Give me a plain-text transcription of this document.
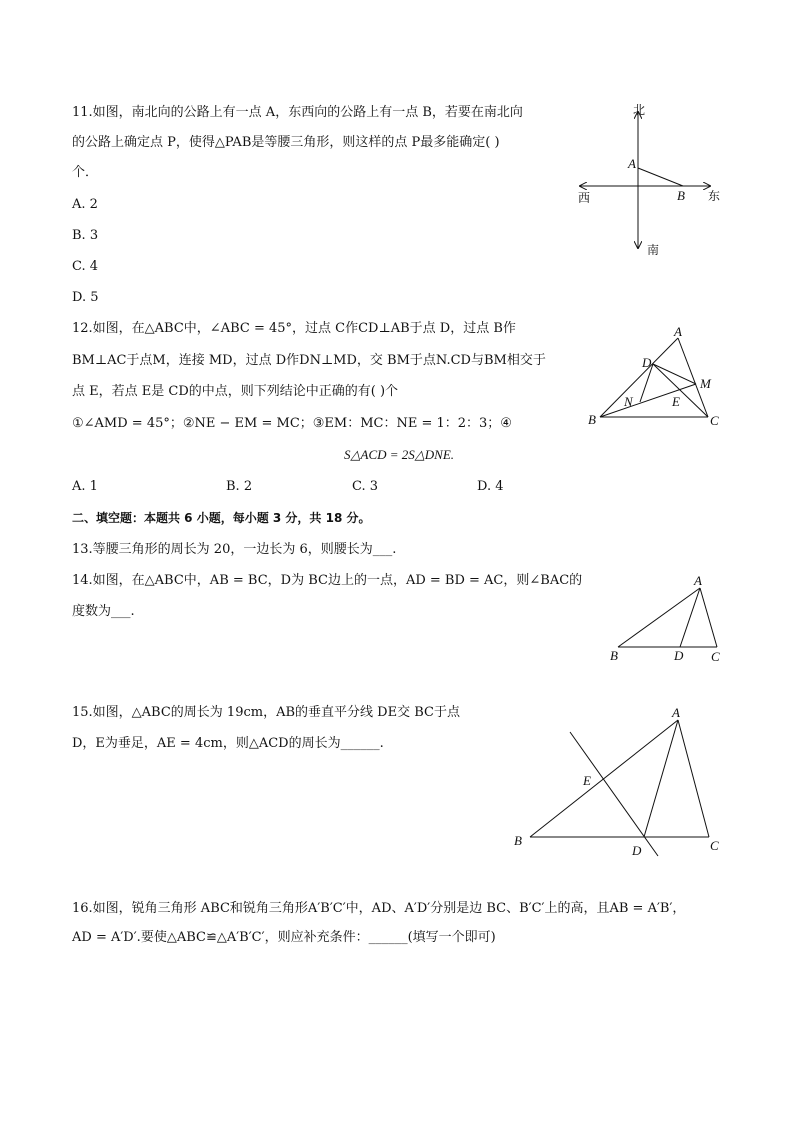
11.如图，南北向的公路上有一点 A，东西向的公路上有一点 B，若要在南北向
的公路上确定点 P，使得△PAB是等腰三角形，则这样的点 P最多能确定( )
个．
A. 2
B. 3
C. 4
D. 5
北
南
西	东
A
B
12.如图，在△ABC中，∠ABC = 45°，过点 C作CD⊥AB于点 D，过点 B作
BM⊥AC于点M，连接 MD，过点 D作DN⊥MD，交 BM于点N.CD与BM相交于
点 E，若点 E是 CD的中点，则下列结论中正确的有( )个
①∠AMD = 45°；②NE − EM = MC；③EM：MC：NE = 1：2：3；④
S△ACD = 2S△DNE.
A. 1	B. 2	C. 3	D. 4
A
B	C
D
M
N	E
二、填空题：本题共 6 小题，每小题 3 分，共 18 分。
13.等腰三角形的周长为 20，一边长为 6，则腰长为___.
14.如图，在△ABC中，AB = BC，D为 BC边上的一点，AD = BD = AC，则∠BAC的
度数为___.
A
B	D C
15.如图，△ABC的周长为 19cm，AB的垂直平分线 DE交 BC于点
D，E为垂足，AE = 4cm，则△ACD的周长为______.
A
B	C
D
E
16.如图，锐角三角形 ABC和锐角三角形A′B′C′中，AD、A′D′分别是边 BC、B′C′上的高，且AB = A′B′，
AD = A′D′.要使△ABC≌△A′B′C′，则应补充条件：______(填写一个即可)
